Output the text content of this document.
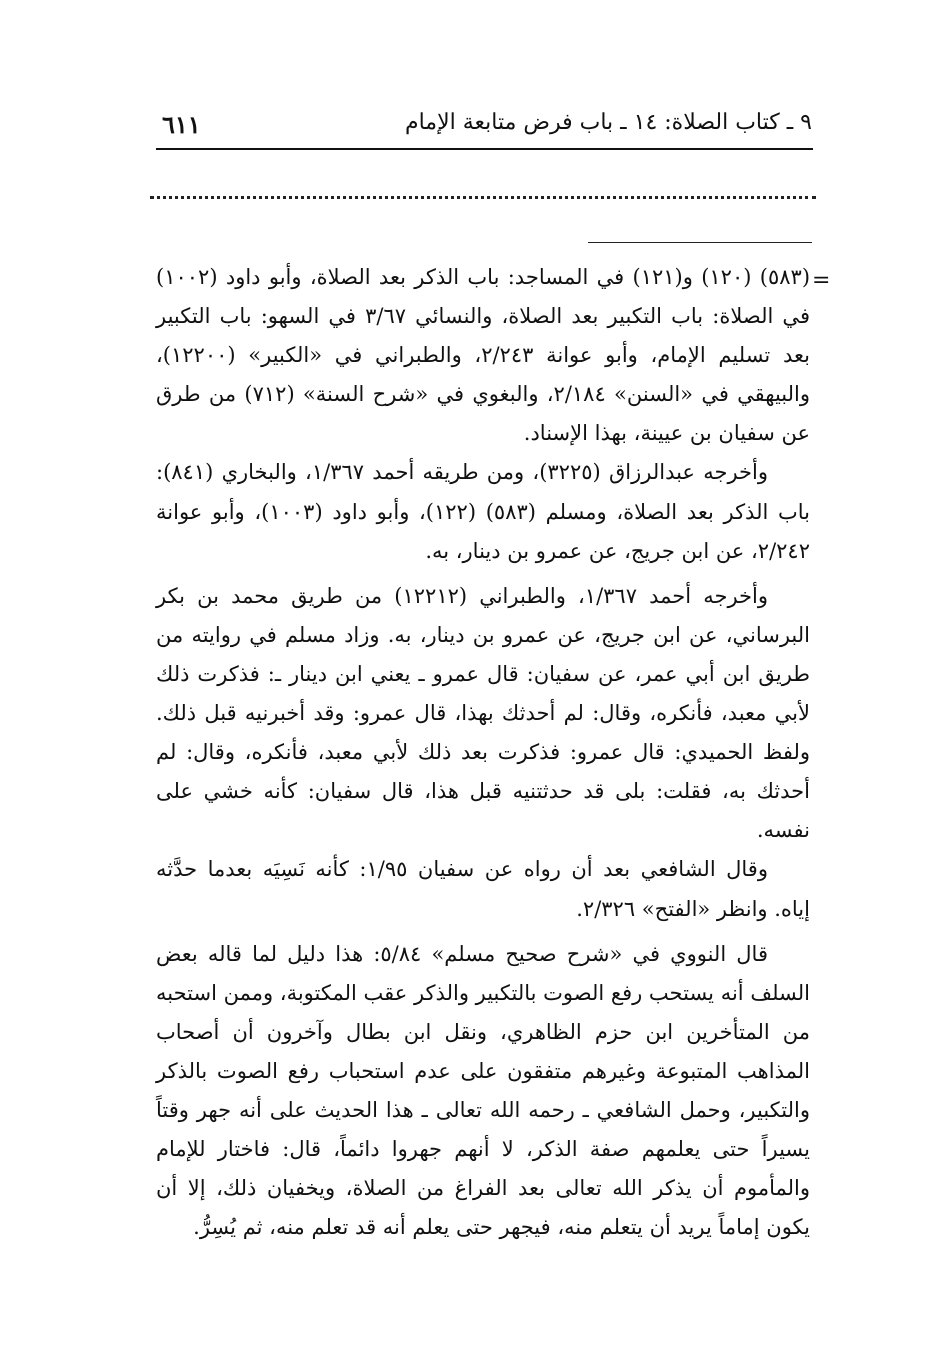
٩ ـ كتاب الصلاة: ١٤ ـ باب فرض متابعة الإمام
٦١١
=

(٥٨٣) (١٢٠) و(١٢١) في المساجد: باب الذكر بعد الصلاة، وأبو داود (١٠٠٢) في الصلاة: باب التكبير بعد الصلاة، والنسائي ٣/٦٧ في السهو: باب التكبير بعد تسليم الإمام، وأبو عوانة ٢/٢٤٣، والطبراني في «الكبير» (١٢٢٠٠)، والبيهقي في «السنن» ٢/١٨٤، والبغوي في «شرح السنة» (٧١٢) من طرق عن سفيان بن عيينة، بهذا الإسناد.

وأخرجه عبدالرزاق (٣٢٢٥)، ومن طريقه أحمد ١/٣٦٧، والبخاري (٨٤١): باب الذكر بعد الصلاة، ومسلم (٥٨٣) (١٢٢)، وأبو داود (١٠٠٣)، وأبو عوانة ٢/٢٤٢، عن ابن جريج، عن عمرو بن دينار، به.

وأخرجه أحمد ١/٣٦٧، والطبراني (١٢٢١٢) من طريق محمد بن بكر البرساني، عن ابن جريج، عن عمرو بن دينار، به. وزاد مسلم في روايته من طريق ابن أبي عمر، عن سفيان: قال عمرو ـ يعني ابن دينار ـ: فذكرت ذلك لأبي معبد، فأنكره، وقال: لم أحدثك بهذا، قال عمرو: وقد أخبرنيه قبل ذلك. ولفظ الحميدي: قال عمرو: فذكرت بعد ذلك لأبي معبد، فأنكره، وقال: لم أحدثك به، فقلت: بلى قد حدثتنيه قبل هذا، قال سفيان: كأنه خشي على نفسه.

وقال الشافعي بعد أن رواه عن سفيان ١/٩٥: كأنه نَسِيَه بعدما حدَّثه إياه. وانظر «الفتح» ٢/٣٢٦.

قال النووي في «شرح صحيح مسلم» ٥/٨٤: هذا دليل لما قاله بعض السلف أنه يستحب رفع الصوت بالتكبير والذكر عقب المكتوبة، وممن استحبه من المتأخرين ابن حزم الظاهري، ونقل ابن بطال وآخرون أن أصحاب المذاهب المتبوعة وغيرهم متفقون على عدم استحباب رفع الصوت بالذكر والتكبير، وحمل الشافعي ـ رحمه الله تعالى ـ هذا الحديث على أنه جهر وقتاً يسيراً حتى يعلمهم صفة الذكر، لا أنهم جهروا دائماً، قال: فاختار للإمام والمأموم أن يذكر الله تعالى بعد الفراغ من الصلاة، ويخفيان ذلك، إلا أن يكون إماماً يريد أن يتعلم منه، فيجهر حتى يعلم أنه قد تعلم منه، ثم يُسِرُّ.
